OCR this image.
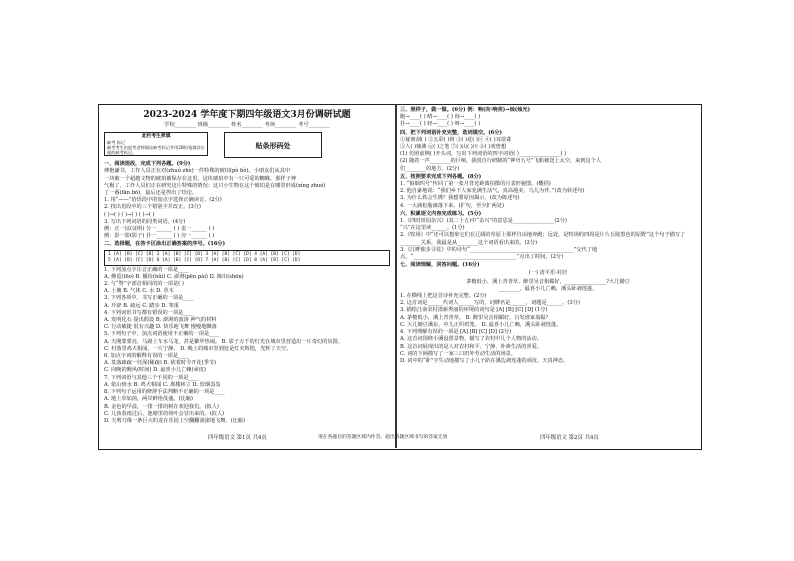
2023-2024 学年度下期四年级语文3月份调研试题
学校________ 班级________ 姓名________ 考场________ 考号________
此栏考生须填
缺考 标记
缺考考生由监考老师填涂缺考标记并用2B铅笔填涂右面的缺考标记。
贴条形码处
一、阅读语段，完成下列各题。(9分)
傅抱谦书，工作人员正在对(zhuó zhè)一件特殊的琥珀(pò bò)。小朋友们从其中
一块被一个超越文物的琥珀被保存在这里。这块琥珀中有一只可爱的蜘蛛，那样子神
气极了，工作人员们正在研究这片特殊的情况：这只小生物在这个琥珀是在哪里形成(xíng zhuó)
了一番(fān bō)，最后还是得出了结论。
1. 用“——”给语段中的加点字选择正确读音。(2分)
2. 找出语段中的三个错别字并改正。(3分)
( )→( ) ( )→( ) ( )→( )
3. 写出下列词语的同类词语。(4分)
例：正一证(证明) 分一______ ( ) 责一______ ( )
例：彭一影(影子) 扑一______ ( ) 旁一______ ( )
二、选择题，在答卡区涂出正确答案的序号。(16分)
1 [A] [B] [C] [D] 2 [A] [B] [C] [D] 3 [A] [B] [C] [D] 4 [A] [B] [C] [D]
5 [A] [B] [C] [D] 6 [A] [B] [C] [D] 7 [A] [B] [C] [D] 8 [A] [B] [C] [D]
1. 下列加点字注音正确的一项是____
A. 佛觅(tōo) B. 播捡(hǔi) C. 澎湃(pēn pài) D. 掺出(shēn)
2. 与“脊”字部首相同的的一项是( )
A. 土壤 B. 气体 C. 水 D. 草木
3. 下列各项中，书写正确的一项是____
A. 开辟 B. 疏远 C. 踏步 D. 笨重
4. 下列词语书写都有错误的一项是____
A. 发明化石 提出假设 B. 澎湃的波涛 神气的材料
C. 行动敏捷 很有兴趣 D. 快乐地飞舞 慢慢地飘落
5. 下列句子中，加点词语使用不正确的一项是____
A. 天刚蒙蒙亮，马路上车水马龙，甚是繁华热闹。 B. 影子万千的灯光在城市里营造出一片奇幻的氛围。
C. 村落里鸡犬相闻，一片宁静。 D. 晚上的城市里到处是灯火辉煌，光辉了天空。
6. 加点字词的解释有误的一项是____
A. 莫落疏疏一径深(稀疏) B. 依着时令开花(季节)
C. 向晚的晚风(时间) D. 最喜小儿亡赖(顽皮)
7. 下列词语与其他三个不同的一项是____
A. 依山傍水 B. 鸡犬相闻 C. 离楼林立 D. 炊烟袅袅
8. 下列句子运用的修辞手法判断不正确的一项是____
A. 地上草如茵，两岸鲜艳茂盛。(比喻)
B. 金色的早晨，一排一排的树在欢迎我们。(拟人)
C. 儿孩春雨过后，池塘里的荷叶会冒出来的。(拟人)
D. 夫剪刀像一条巨大的龙在乐园上空翻翻滚滚地飞舞。(比喻)
三、照样子，做一做。(6分) 例：响(向·响亮)→烛(烛光)
跑→____( ) 晴→____( ) 询→____( )
扑→____( ) 轻→____( ) 呀→____( )
四、把下列词语补充完整，选词填空。(6分)
①疑朋刮( ) ②五彩( )斑 ③( )花( )巨 ④( )耳欲聋
⑤人( )鼎沸 ⑥( )之笔 ⑦( )山( )川 ⑧( )欢曾想
(1) 仿照前例( )开头词，写出下列词语的四字词语( )________________( )
(2) 随着一声________的巨响，我国自行研制的“神舟五号”飞船被送上太空，来到这个人
们________的地方。(2分)
五、按照要求完成下列各题。(8分)
1. “狼烟四号”传回了第一张月背近距离拍摄的月表形貌图。(概括)
2. 他自豪地说：“我们乡下人家充满生活气，真高地美，乌儿为伴。”(改为转述句)
3. 为什么铁会生锈？我想要原因揭示。(改为陈述句)
4. 一大滴松脂滴落下来。(扩句，至少扩两处)
六、积累语文内容完成练习。(5分)
1.《四时田园杂兴》(其二十五)中“杂兴”的意思是________________(2分)
“兴”在这里读______。(1分)
2.《牧场》中“还可以想象它们在辽阔的草原上那样自由地奔跑；远处，是牧场的四周是片片丘陵黑色的原野”这个句子描写了________关系，我最是从________这个词语看出来的。(2分)
3.《江畔独步寻花》中的诗句“________________________________________”交代了地点，“________________________________________”点出了时间。(2分)
七、阅读理解，回答问题。(16分)
(一) 清平乐·村居
茅檐低小，溪上青青草。醉里吴音相媚好，________________?大儿锄豆
________，最喜小儿亡赖，溪头卧剥莲蓬。
1. 在横线上把这首诗补充完整。(2分)
2. 这首词是______代词人______写的，词牌名是______，词题是______。(3分)
3. 描绘江南农村清新秀丽的环境的词句是 [A] [B] [C] [D] (1分)
A. 茅檐低小，溪上青青草。 B. 醉里吴音相媚好，白发谁家翁媪？
C. 大儿锄豆溪东，中儿正织鸡笼。 D. 最喜小儿亡赖，溪头卧剥莲蓬。
4. 下列理解有误的一项是 [A] [B] [C] [D] (2分)
A. 这首词围绕小溪设置景物，描写了农村中几个人物的活动。
B. 这首词展现出的是人对农村和平、宁静、朴素生活的喜爱。
C. 词的下阕描写了一家三口田外劳动生活的场景。
D. 词中的“卧”字生动地描写了小儿子趴在溪边剥莲蓬的顽皮、天真神态。
四年级语文 第1页 共4页	请在各题目的答题区域内作答，超出答题区域书写的答案无效	四年级语文 第2页 共4页
